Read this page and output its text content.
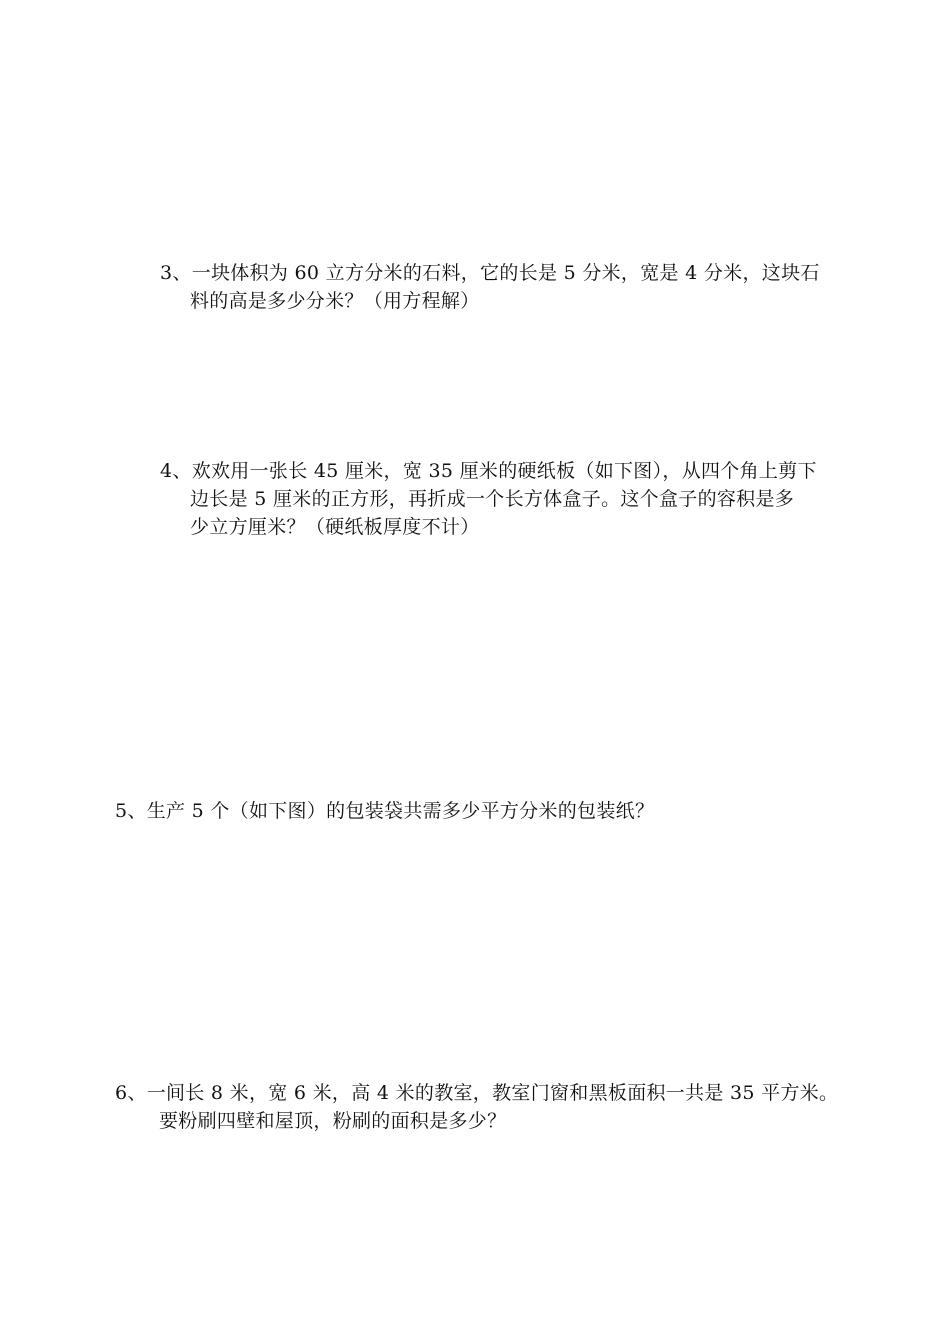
3、一块体积为 60 立方分米的石料，它的长是 5 分米，宽是 4 分米，这块石
料的高是多少分米？（用方程解）
4、欢欢用一张长 45 厘米，宽 35 厘米的硬纸板（如下图），从四个角上剪下
边长是 5 厘米的正方形，再折成一个长方体盒子。这个盒子的容积是多
少立方厘米？（硬纸板厚度不计）
5、生产 5 个（如下图）的包装袋共需多少平方分米的包装纸？
6、一间长 8 米，宽 6 米，高 4 米的教室，教室门窗和黑板面积一共是 35 平方米。
要粉刷四壁和屋顶，粉刷的面积是多少？
